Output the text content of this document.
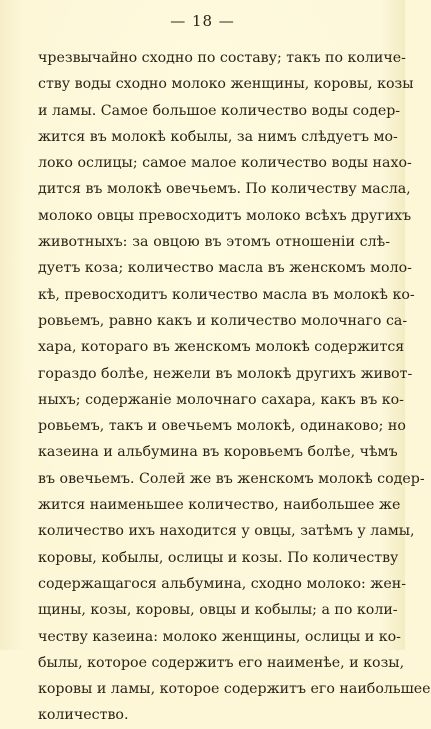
— 18 —
чрезвычайно сходно по составу; такъ по количе-
ству воды сходно молоко женщины, коровы, козы
и ламы. Самое большое количество воды содер-
жится въ молокѣ кобылы, за нимъ слѣдуетъ мо-
локо ослицы; самое малое количество воды нахо-
дится въ молокѣ овечьемъ. По количеству масла,
молоко овцы превосходитъ молоко всѣхъ другихъ
животныхъ: за овцою въ этомъ отношеніи слѣ-
дуетъ коза; количество масла въ женскомъ моло-
кѣ, превосходитъ количество масла въ молокѣ ко-
ровьемъ, равно какъ и количество молочнаго са-
хара, котораго въ женскомъ молокѣ содержится
гораздо болѣе, нежели въ молокѣ другихъ живот-
ныхъ; содержаніе молочнаго сахара, какъ въ ко-
ровьемъ, такъ и овечьемъ молокѣ, одинаково; но
казеина и альбумина въ коровьемъ болѣе, чѣмъ
въ овечьемъ. Солей же въ женскомъ молокѣ содер-
жится наименьшее количество, наибольшее же
количество ихъ находится у овцы, затѣмъ у ламы,
коровы, кобылы, ослицы и козы. По количеству
содержащагося альбумина, сходно молоко: жен-
щины, козы, коровы, овцы и кобылы; а по коли-
честву казеина: молоко женщины, ослицы и ко-
былы, которое содержитъ его наименѣе, и козы,
коровы и ламы, которое содержитъ его наибольшее
количество.
